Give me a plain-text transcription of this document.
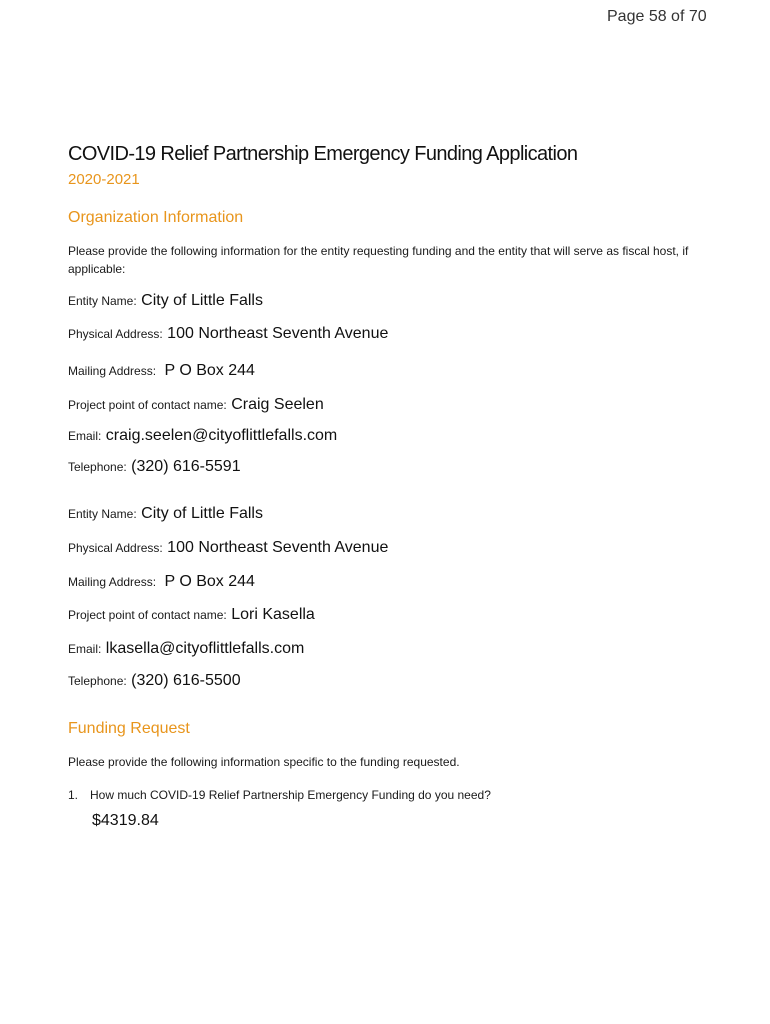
Page 58 of 70
COVID-19 Relief Partnership Emergency Funding Application
2020-2021
Organization Information
Please provide the following information for the entity requesting funding and the entity that will serve as fiscal host, if applicable:
Entity Name: City of Little Falls
Physical Address: 100 Northeast Seventh Avenue
Mailing Address: P O Box 244
Project point of contact name: Craig Seelen
Email: craig.seelen@cityoflittlefalls.com
Telephone: (320) 616-5591
Entity Name: City of Little Falls
Physical Address: 100 Northeast Seventh Avenue
Mailing Address: P O Box 244
Project point of contact name: Lori Kasella
Email: lkasella@cityoflittlefalls.com
Telephone: (320) 616-5500
Funding Request
Please provide the following information specific to the funding requested.
1. How much COVID-19 Relief Partnership Emergency Funding do you need?
$4319.84
